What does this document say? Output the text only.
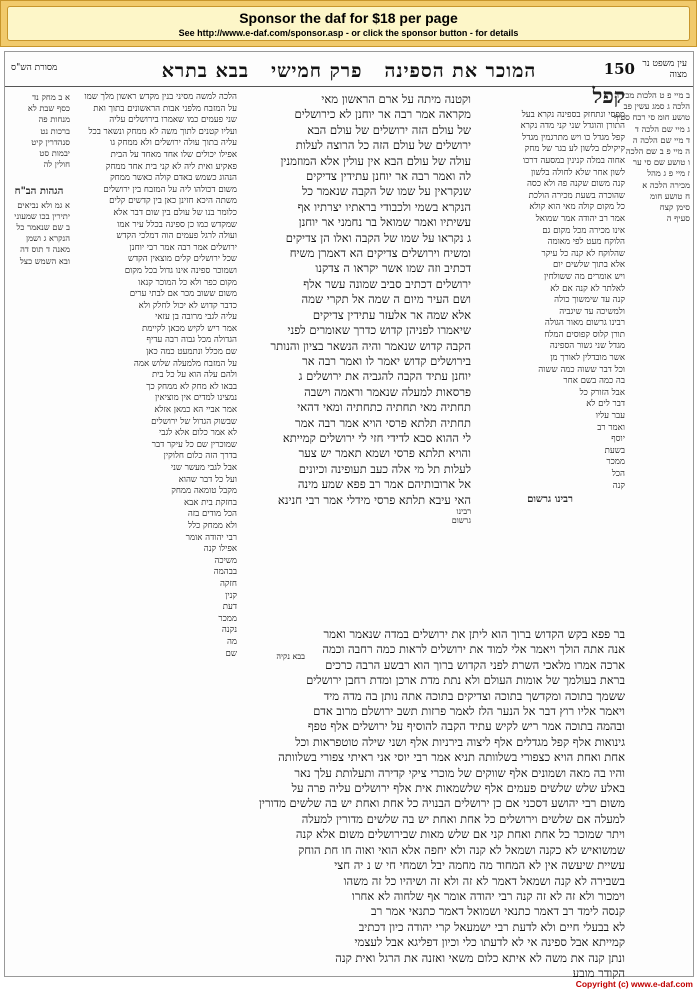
Sponsor the daf for $18 per page
See http://www.e-daf.com/sponsor.asp - or click the sponsor button - for details
150 עין משפט נר מצוה
מסורת הש"ס	המוכר את הספינה
פרק חמישי
בבא בתרא
ב מיי פ ט הלכות מכירה
הלכה ג סמג עשין פב
טושע חומ סי רכח סעיף
ג מיי שם הלכה ד
ד מיי שם הלכה ה
ה מיי פ ב שם הלכה
ו טושע שם סי ער
ז מיי פ ג מהל
מכירה הלכה א
ח טושע חומ
סימן קצח
סעיף ה
קפל
מפסי ונתחזק בספינה נקרא בעל
התורן והוגדל שני קני מדה נקרא
קפל מגדל כו ויש מתרגמין מגדל
קיקילם בלשון לע בגר של מחק
אחוה במלה קנינין במסעה דרכו
לשון אחר שלא לחולה בלשון
קנה משום שקנה פה ולא כסה
שהוכרה בשעת מכירה הולכת
כל מקום קולה מאי הוא קולא
אמר רב יהודה אמר שמואל
אינו מכירה מכל מקום גם
הלוקח מעט לפי מאומה
שהלוקח לא קנה כל עיקר
אלא בתוך שלשים יום
ויש אומרים מה ששולחין
לאלתר לא קנה אם לא
קנה עד שימשוך כולה
ולמשיכה עד שיגביה
רבינו גרשום מאור הגולה
תורן קלוס קפוסים המלח
מגדל שני גשור הספינה
אשר מובדלין לאורך מן
וכל דבר ששוה כמה ששוה
בה כמה בשם אחר
אבל הזורק כל
דבר לים לא
עבר עליו
ואמר רב
יוסף
בשעת
ממכר
הכל
קנה
רבינו גרשום
וקטנה מיתה על ארם הראשון מאי
מקראה אמר רבה אר יוחנן לא כירושלים
של עולם הזה ירושלים של עולם הבא
ירושלים של עולם הזה כל הרוצה לעלות
עולה של עולם הבא אין עולין אלא המוזמנין
לה ואמר רבה אר יוחנן עתידין צדיקים
שנקראין על שמו של הקבה שנאמר כל
הנקרא בשמי ולכבודי בראתיו יצרתיו אף
עשיתיו ואמר שמואל בר נחמני אר יוחנן
ג נקראו על שמו של הקבה ואלו הן צדיקים
ומשיח וירושלים צדיקים הא דאמרן משיח
דכתיב וזה שמו אשר יקראו ה צדקנו
ירושלים דכתיב סביב שמונה עשר אלף
ושם העיר מיום ה שמה אל תקרי שמה
אלא שמה אר אלעזר עתידין צדיקים
שיאמרו לפניהן קדוש כדרך שאומרים לפני
הקבה קדוש שנאמר והיה הנשאר בציון והנותר
בירושלים קדוש יאמר לו ואמר רבה אר
יוחנן עתיד הקבה להגביה את ירושלים ג
פרסאות למעלה שנאמר וראמה וישבה
תחתיה מאי תחתיה כתחתיה ומאי דהאי
תחתיה תלתא פרסי הויא אמר רבה אמר
לי ההוא סבא לדידי חזי לי ירושלים קמייתא
והויא תלתא פרסי ושמא תאמר יש צער
לעלות תל מי אלה כעב תעופינה וכיונים
אל ארובותיהם אמר רב פפא שמע מינה
האי עיבא תלתא פרסי מידלי אמר רבי חנינא
הלכה למשה מסיני בנין מקדש ראשון מלך שמו
על המזבח מלפני אבות הראשונים בתוך ואת
שני פעמים כמו שאמרו בירושלים עליה
ועליו קטנים לתוך משה לא ממחק ונשאר בכל
עליה בתוך עולה ירושלים ולא ממחק גו
אפילו יכולים שלו אחד מאחד על הבית
פאקיע ואית ליה לא קני בית אחד ממחק
הנהוג כשמש באדם קולה כאשר ממחק
משום דכולהו ליה על המזבח בין ירושלים
משתה היכא חזינן כאן בין קדשים קלים
כלומר בנו של עולם בין שום דבר אלא
שמקדש כמו כן ספינה בכלל עיר אמו
ועולה לרגל פעמים הוה דמלכי הקדש
ירושלים אמר רבה אמר רבי יוחנן
שכל ירושלים קלים מוצאין הקדש
ושמוכר ספינה אינו גדול בכל מקום
מקום כפר ולא כל המוכר קנאו
משום ששוב מכר אם לבתי ערים
כדבר קדוש לא יכול לחלק ולא
עליה לגבי מרובה בן עזאי
אמר ריש לקיש מכאן לקיימת
הגדולה מכל גבוה רבה עדיף
שם מכלל ונתמעט כמה כאן
על המזבח מלמעלה שלוש אמה
ולהם עלה הוא על כל בית
בבאו לא מחק לא ממחק כך
נמצינו למדים אין מוציאין
אמר אביי הא כמאן אזלא
שבשוק הגדול של ירושלים
לא אמר כלום אלא לגבי
שמוכרין שם כל עיקר דבר
בדרך הזה כלום חלוקין
אבל לגבי מעשר שני
ועל כל דבר שהוא
מקבל טומאה ממחק
בחזקת בית אבא
הכל מודים בזה
ולא ממחק כלל
רבי יהודה אומר
אפילו קנה
משיכה
בבהמה
חזקה
קנין
דעת
ממכר
נקנה
מה
שם
א ב מחק נד
כסף שבת לא
מנחות פה
ברכות נט
סנהדרין קיט
יבמות סט
חולין לה
הגהות הב"ח
א גמ ולא נביאים
יתירין בכו שמעוני
ב שם שנאמר כל
הנקרא ג ושמן
מאנה ד תוס דה
ובא השמש כצל
בר פפא בקש הקדוש ברוך הוא ליתן את ירושלים במדה שנאמר ואמר
אנה אתה הולך ויאמר אלי למוד את ירושלים לראות כמה רחבה וכמה
ארכה אמרו מלאכי השרת לפני הקדוש ברוך הוא רבשע הרבה כרכים
בראת בעולמך של אומות העולם ולא נתת מדת ארכן ומדת רחבן ירושלים
ששמך בתוכה ומקדשך בתוכה וצדיקים בתוכה אתה נותן בה מדה מיד
ויאמר אליו רוץ דבר אל הנער הלז לאמר פרזות תשב ירושלם מרוב אדם
ובהמה בתוכה אמר ריש לקיש עתיד הקבה להוסיף על ירושלים אלף טפף
גינואות אלף קפל מגדלים אלף ליצוה בירניות אלף ושני שילה טוטפראות וכל
אחת ואחת הויא כצפורי בשלוותה תניא אמר רבי יוסי אני ראיתי צפורי בשלוותה
והיו בה מאה ושמונים אלף שווקים של מוכרי ציקי קדירה ותעלותת עלך נאר
באלע שלש שלשים פעמים אלף שלשמאות אית אלף ירושלים עליה פרה על
משום רבי יהושע דסכני אם כן ירושלים הבנויה כל אחת ואחת יש בה שלשים מדורין
למעלה אם שלשים וירושלים כל אחת ואחת יש בה שלשים מדורין למעלה
ויתר שמוכר כל אחת ואחת קני אם שלש מאות שבירושלים משום אלא קנה
שמשואיש לא כקנה ושמאל לא קנה ולא יחפה אלא הואי ואוה חו חת הוחק
עשיית שיעשה אין לא המחוד מה מחמה יבל ושמחי חי ש נ יה חצי
בשבירה לא קנה ושמאל דאמר לא זה ולא זה ושיהיו כל זה משהו
וימכור ולא זה לא זה קנה רבי יהודה אומר אף שלחוה לא אחרו
קנסה לימד רב דאמר כתנאי ושמואל דאמר כתנאי אמר רב
לא בבעלי חיים ולא לדעת רבי ישמעאל קרי יהודה כיון דכתיב
קמייתא אבל ספינה אי לא לדעתו כלי וכיון דפליגא אבל לעצמי
ונתן קנה את משה לא איתא כלום משאי ואזנה את הרגל ואית קנה
הקודר מובע
רבינו גרשום
בבא נקיה
Copyright (c) www.e-daf.com
